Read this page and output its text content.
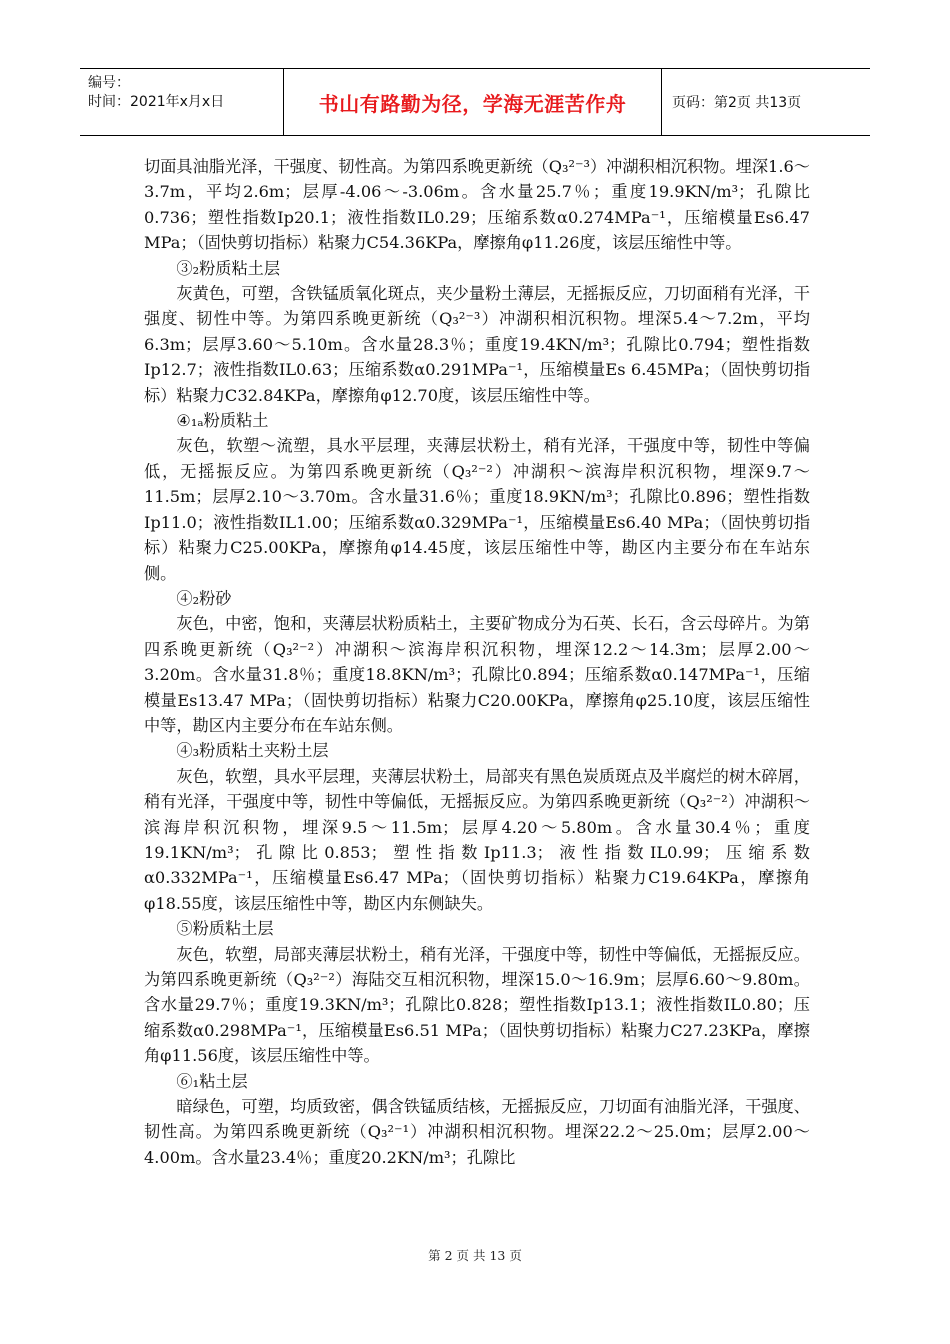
编号：
时间：2021年x月x日	书山有路勤为径，学海无涯苦作舟	页码：第2页 共13页

切面具油脂光泽，干强度、韧性高。为第四系晚更新统（Q₃²⁻³）冲湖积相沉积物。埋深1.6～3.7m，平均2.6m；层厚-4.06～-3.06m。含水量25.7％；重度19.9KN/m³；孔隙比0.736；塑性指数Ip20.1；液性指数IL0.29；压缩系数α0.274MPa⁻¹，压缩模量Es6.47 MPa；（固快剪切指标）粘聚力C54.36KPa，摩擦角φ11.26度，该层压缩性中等。

③₂粉质粘土层

灰黄色，可塑，含铁锰质氧化斑点，夹少量粉土薄层，无摇振反应，刀切面稍有光泽，干强度、韧性中等。为第四系晚更新统（Q₃²⁻³）冲湖积相沉积物。埋深5.4～7.2m，平均6.3m；层厚3.60～5.10m。含水量28.3％；重度19.4KN/m³；孔隙比0.794；塑性指数Ip12.7；液性指数IL0.63；压缩系数α0.291MPa⁻¹，压缩模量Es 6.45MPa；（固快剪切指标）粘聚力C32.84KPa，摩擦角φ12.70度，该层压缩性中等。

④₁ₐ粉质粘土

灰色，软塑～流塑，具水平层理，夹薄层状粉土，稍有光泽，干强度中等，韧性中等偏低，无摇振反应。为第四系晚更新统（Q₃²⁻²）冲湖积～滨海岸积沉积物，埋深9.7～11.5m；层厚2.10～3.70m。含水量31.6％；重度18.9KN/m³；孔隙比0.896；塑性指数Ip11.0；液性指数IL1.00；压缩系数α0.329MPa⁻¹，压缩模量Es6.40 MPa；（固快剪切指标）粘聚力C25.00KPa，摩擦角φ14.45度，该层压缩性中等，勘区内主要分布在车站东侧。

④₂粉砂

灰色，中密，饱和，夹薄层状粉质粘土，主要矿物成分为石英、长石，含云母碎片。为第四系晚更新统（Q₃²⁻²）冲湖积～滨海岸积沉积物，埋深12.2～14.3m；层厚2.00～3.20m。含水量31.8％；重度18.8KN/m³；孔隙比0.894；压缩系数α0.147MPa⁻¹，压缩模量Es13.47 MPa；（固快剪切指标）粘聚力C20.00KPa，摩擦角φ25.10度，该层压缩性中等，勘区内主要分布在车站东侧。

④₃粉质粘土夹粉土层

灰色，软塑，具水平层理，夹薄层状粉土，局部夹有黑色炭质斑点及半腐烂的树木碎屑，稍有光泽，干强度中等，韧性中等偏低，无摇振反应。为第四系晚更新统（Q₃²⁻²）冲湖积～滨海岸积沉积物，埋深9.5～11.5m；层厚4.20～5.80m。含水量30.4％；重度19.1KN/m³；孔隙比0.853；塑性指数Ip11.3；液性指数IL0.99；压缩系数α0.332MPa⁻¹，压缩模量Es6.47 MPa；（固快剪切指标）粘聚力C19.64KPa，摩擦角φ18.55度，该层压缩性中等，勘区内东侧缺失。

⑤粉质粘土层

灰色，软塑，局部夹薄层状粉土，稍有光泽，干强度中等，韧性中等偏低，无摇振反应。为第四系晚更新统（Q₃²⁻²）海陆交互相沉积物，埋深15.0～16.9m；层厚6.60～9.80m。含水量29.7％；重度19.3KN/m³；孔隙比0.828；塑性指数Ip13.1；液性指数IL0.80；压缩系数α0.298MPa⁻¹，压缩模量Es6.51 MPa；（固快剪切指标）粘聚力C27.23KPa，摩擦角φ11.56度，该层压缩性中等。

⑥₁粘土层

暗绿色，可塑，均质致密，偶含铁锰质结核，无摇振反应，刀切面有油脂光泽，干强度、韧性高。为第四系晚更新统（Q₃²⁻¹）冲湖积相沉积物。埋深22.2～25.0m；层厚2.00～4.00m。含水量23.4％；重度20.2KN/m³；孔隙比

第 2 页 共 13 页
